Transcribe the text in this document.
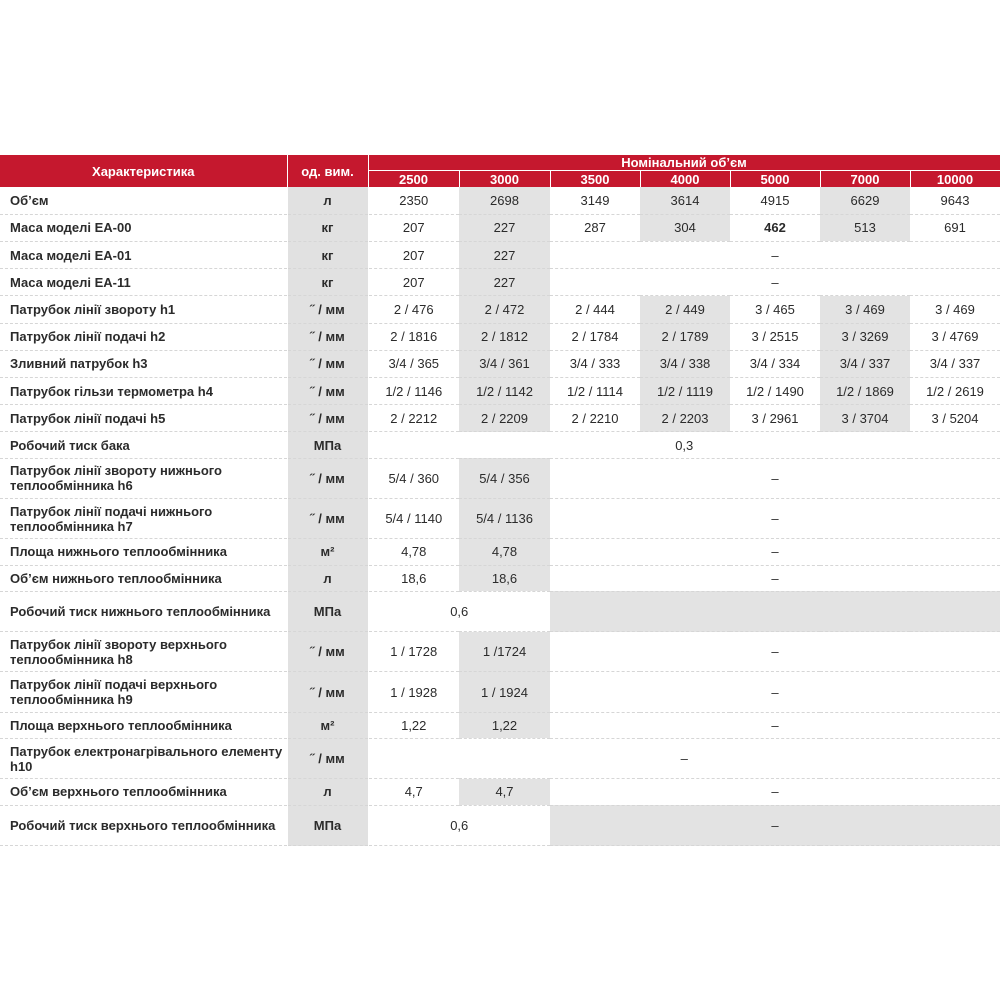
Характеристика	од. вим.	Номінальний об’єм						
		2500	3000	3500	4000	5000	7000	10000
Об’єм	л	2350	2698	3149	3614	4915	6629	9643
Маса моделі ЕА-00	кг	207	227	287	304	462	513	691
Маса моделі ЕА-01	кг	207	227	–				
Маса моделі ЕА-11	кг	207	227	–				
Патрубок лінії звороту h1	˝ / мм	2 / 476	2 / 472	2 / 444	2 / 449	3 / 465	3 / 469	3 / 469
Патрубок лінії подачі h2	˝ / мм	2 / 1816	2 / 1812	2 / 1784	2 / 1789	3 / 2515	3 / 3269	3 / 4769
Зливний патрубок h3	˝ / мм	3/4 / 365	3/4 / 361	3/4 / 333	3/4 / 338	3/4 / 334	3/4 / 337	3/4 / 337
Патрубок гільзи термометра h4	˝ / мм	1/2 / 1146	1/2 / 1142	1/2 / 1114	1/2 / 1119	1/2 / 1490	1/2 / 1869	1/2 / 2619
Патрубок лінії подачі h5	˝ / мм	2 / 2212	2 / 2209	2 / 2210	2 / 2203	3 / 2961	3 / 3704	3 / 5204
Робочий тиск бака	МПа	0,3						
Патрубок лінії звороту нижнього теплообмінника h6	˝ / мм	5/4 / 360	5/4 / 356	–				
Патрубок лінії подачі нижнього теплообмінника h7	˝ / мм	5/4 / 1140	5/4 / 1136	–				
Площа нижнього теплообмінника	м²	4,78	4,78	–				
Об’єм нижнього теплообмінника	л	18,6	18,6	–				
Робочий тиск нижнього теплообмінника	МПа	0,6						
Патрубок лінії звороту верхнього теплообмінника h8	˝ / мм	1 / 1728	1 /1724	–				
Патрубок лінії подачі верхнього теплообмінника h9	˝ / мм	1 / 1928	1 / 1924	–				
Площа верхнього теплообмінника	м²	1,22	1,22	–				
Патрубок електронагрівального елементу h10	˝ / мм	–						
Об’єм верхнього теплообмінника	л	4,7	4,7	–				
Робочий тиск верхнього теплообмінника	МПа	0,6		–				
